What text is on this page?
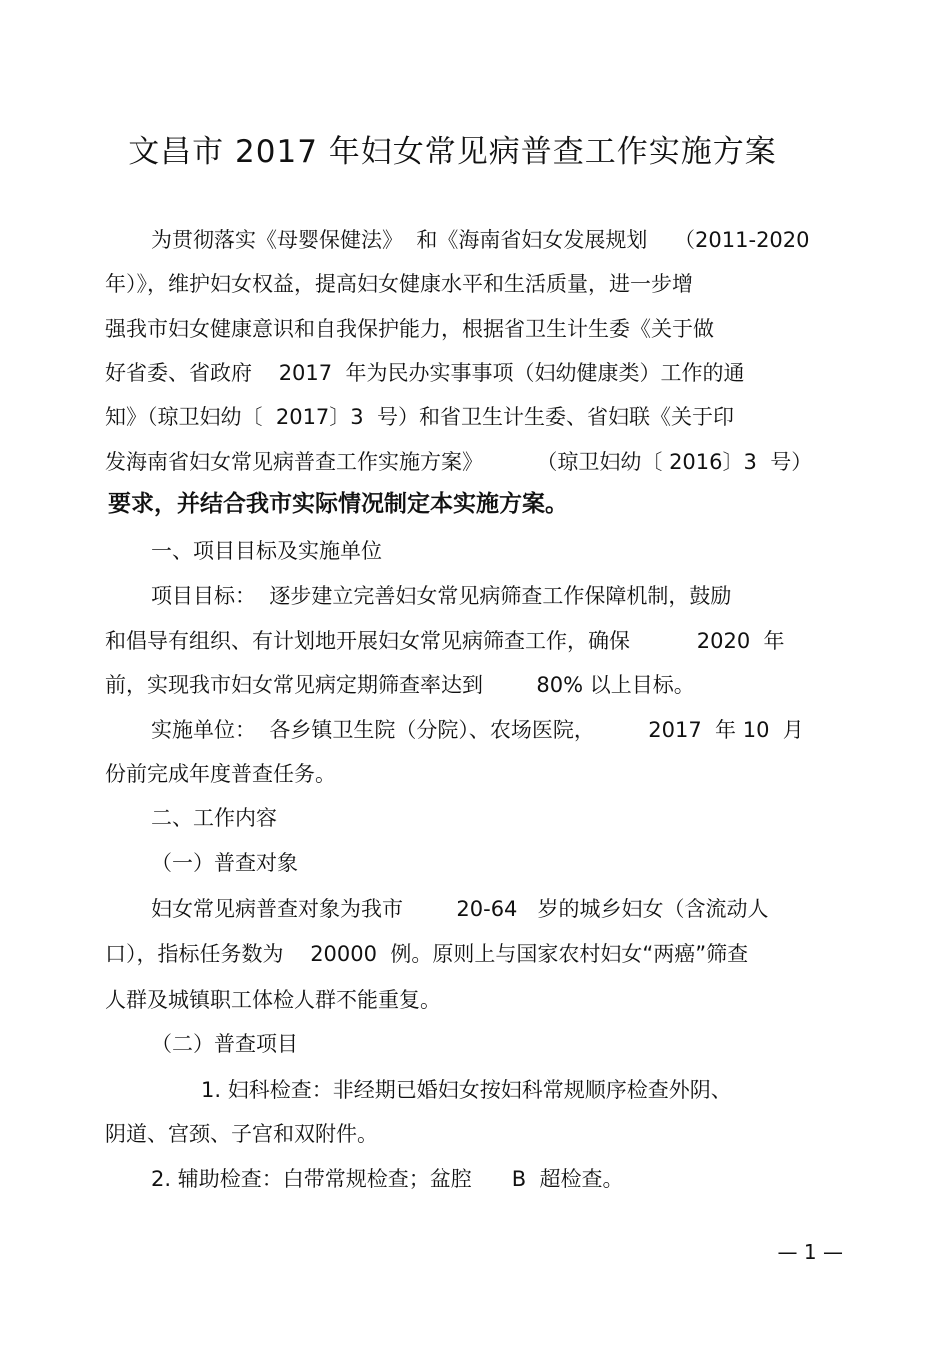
文昌市 2017 年妇女常见病普查工作实施方案
为贯彻落实《母婴保健法》  和《海南省妇女发展规划    （2011-2020
年）》，维护妇女权益，提高妇女健康水平和生活质量，进一步增
强我市妇女健康意识和自我保护能力，根据省卫生计生委《关于做
好省委、省政府    2017  年为民办实事事项（妇幼健康类）工作的通
知》（琼卫妇幼〔  2017〕3  号）和省卫生计生委、省妇联《关于印
发海南省妇女常见病普查工作实施方案》        （琼卫妇幼〔 2016〕3  号）
要求，并结合我市实际情况制定本实施方案。
一、项目目标及实施单位
项目目标：  逐步建立完善妇女常见病筛查工作保障机制，鼓励
和倡导有组织、有计划地开展妇女常见病筛查工作，确保          2020  年
前，实现我市妇女常见病定期筛查率达到        80% 以上目标。
实施单位：  各乡镇卫生院（分院）、农场医院，        2017  年 10  月
份前完成年度普查任务。
二、工作内容
（一）普查对象
妇女常见病普查对象为我市        20-64   岁的城乡妇女（含流动人
口），指标任务数为    20000  例。原则上与国家农村妇女“两癌”筛查
人群及城镇职工体检人群不能重复。
（二）普查项目
1. 妇科检查：非经期已婚妇女按妇科常规顺序检查外阴、
阴道、宫颈、子宫和双附件。
2. 辅助检查：白带常规检查；盆腔      B  超检查。
— 1 —
